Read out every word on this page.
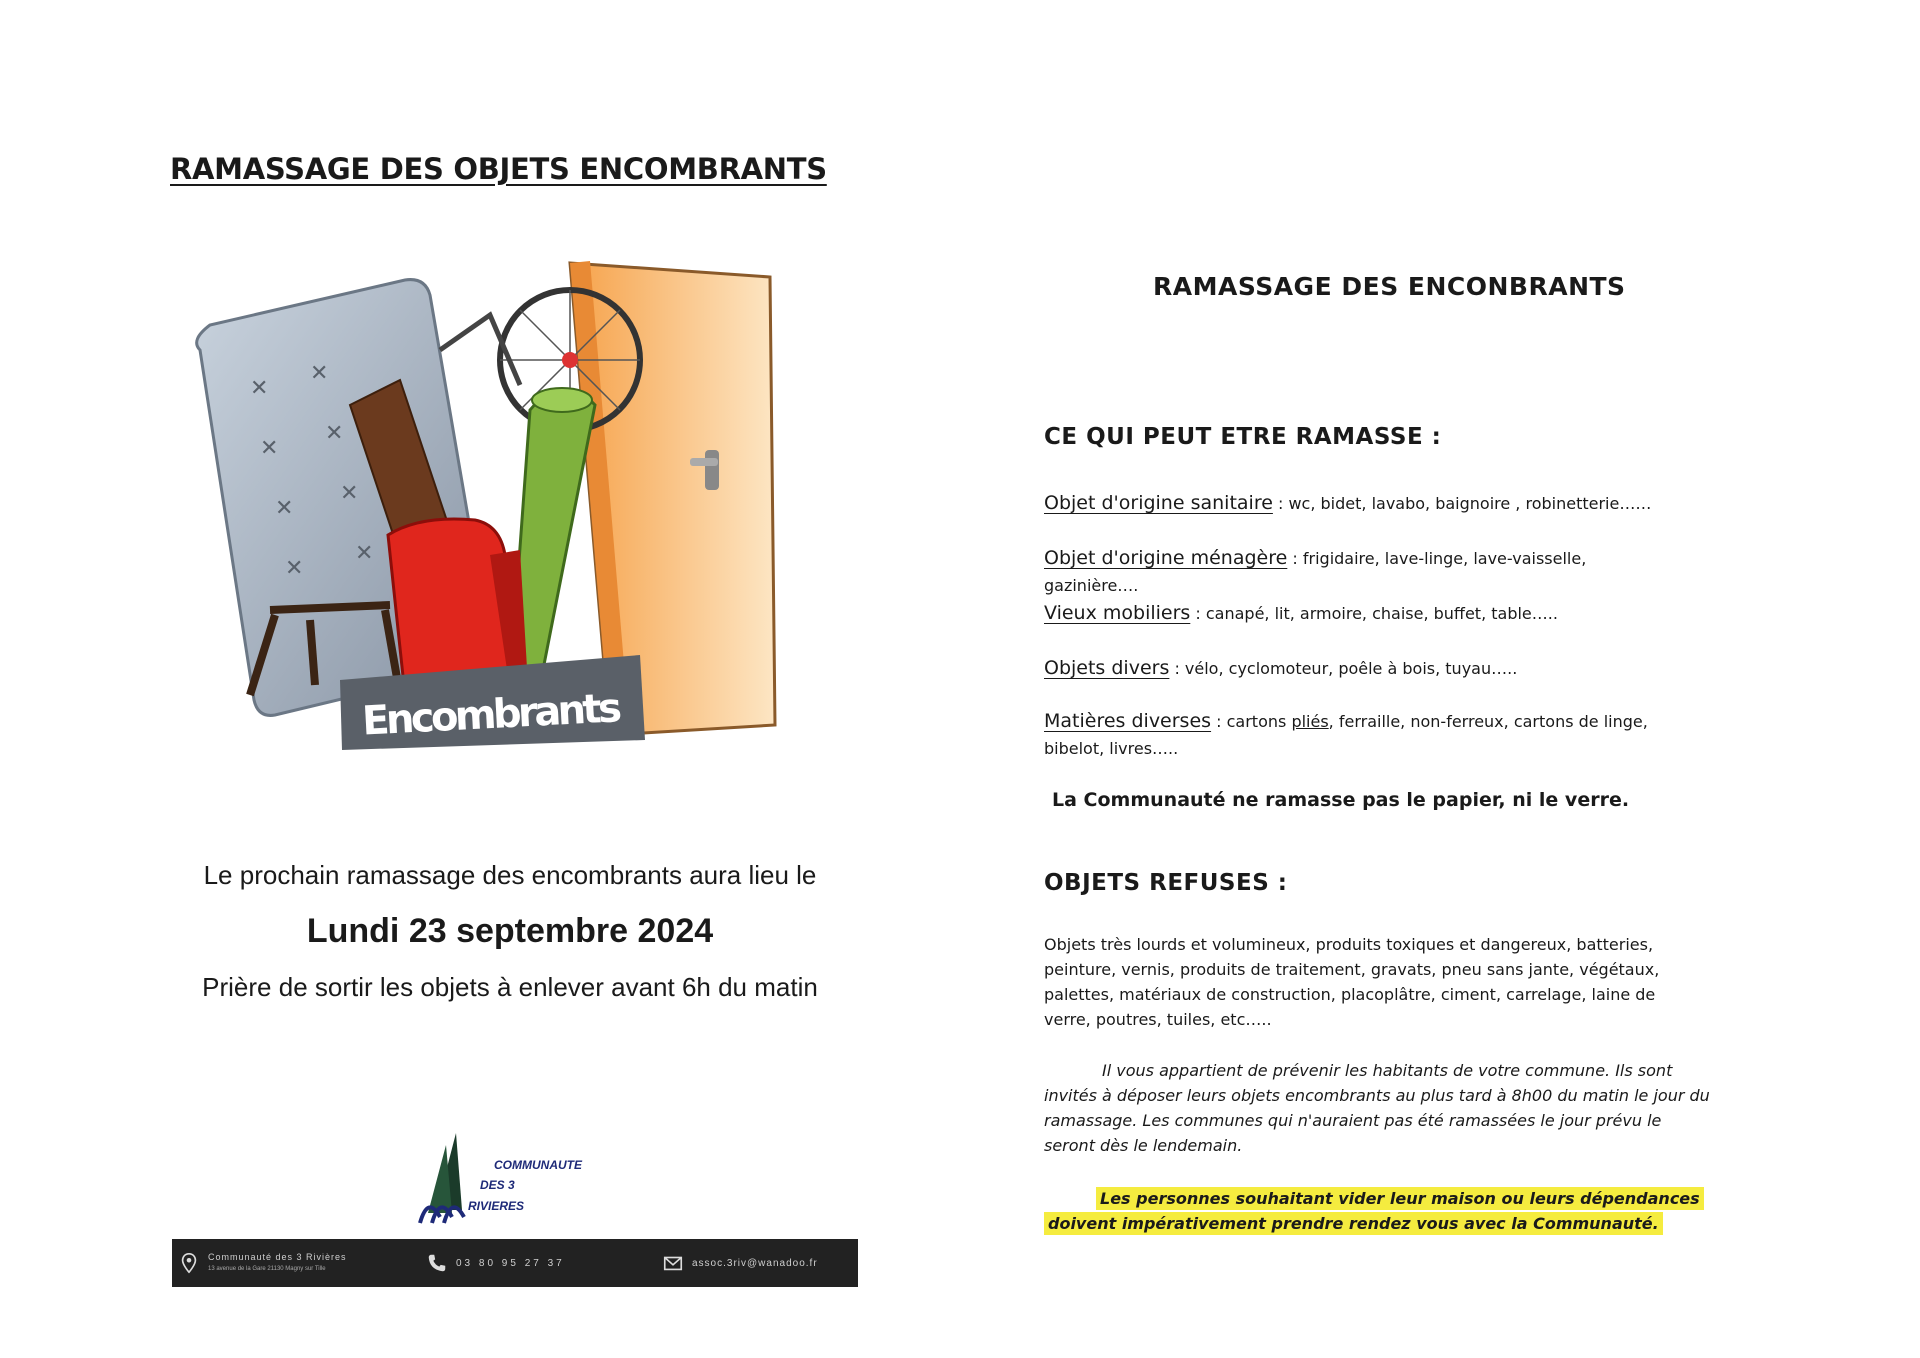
RAMASSAGE DES OBJETS ENCOMBRANTS
✕
✕
✕
✕
✕
✕
✕
✕
Encombrants
Le prochain ramassage des encombrants aura lieu le
Lundi 23 septembre 2024
Prière de sortir les objets à enlever avant 6h du matin
COMMUNAUTE
DES 3
RIVIERES
Communauté des 3 Rivières
13 avenue de la Gare 21130 Magny sur Tille
03 80 95 27 37	assoc.3riv@wanadoo.fr
RAMASSAGE DES ENCONBRANTS
CE QUI PEUT ETRE RAMASSE :
Objet d'origine sanitaire : wc, bidet, lavabo, baignoire , robinetterie……
Objet d'origine ménagère : frigidaire, lave-linge, lave-vaisselle, gazinière….
Vieux mobiliers : canapé, lit, armoire, chaise, buffet, table…..
Objets divers : vélo, cyclomoteur, poêle à bois, tuyau…..
Matières diverses : cartons pliés, ferraille, non-ferreux, cartons de linge, bibelot, livres…..
La Communauté ne ramasse pas le papier, ni le verre.
OBJETS REFUSES :
Objets très lourds et volumineux, produits toxiques et dangereux, batteries, peinture, vernis, produits de traitement, gravats, pneu sans jante, végétaux, palettes, matériaux de construction, placoplâtre, ciment, carrelage, laine de verre, poutres, tuiles, etc…..
Il vous appartient de prévenir les habitants de votre commune. Ils sont invités à déposer leurs objets encombrants au plus tard à 8h00 du matin le jour du ramassage. Les communes qui n'auraient pas été ramassées le jour prévu le seront dès le lendemain.
Les personnes souhaitant vider leur maison ou leurs dépendances doivent impérativement prendre rendez vous avec la Communauté.
